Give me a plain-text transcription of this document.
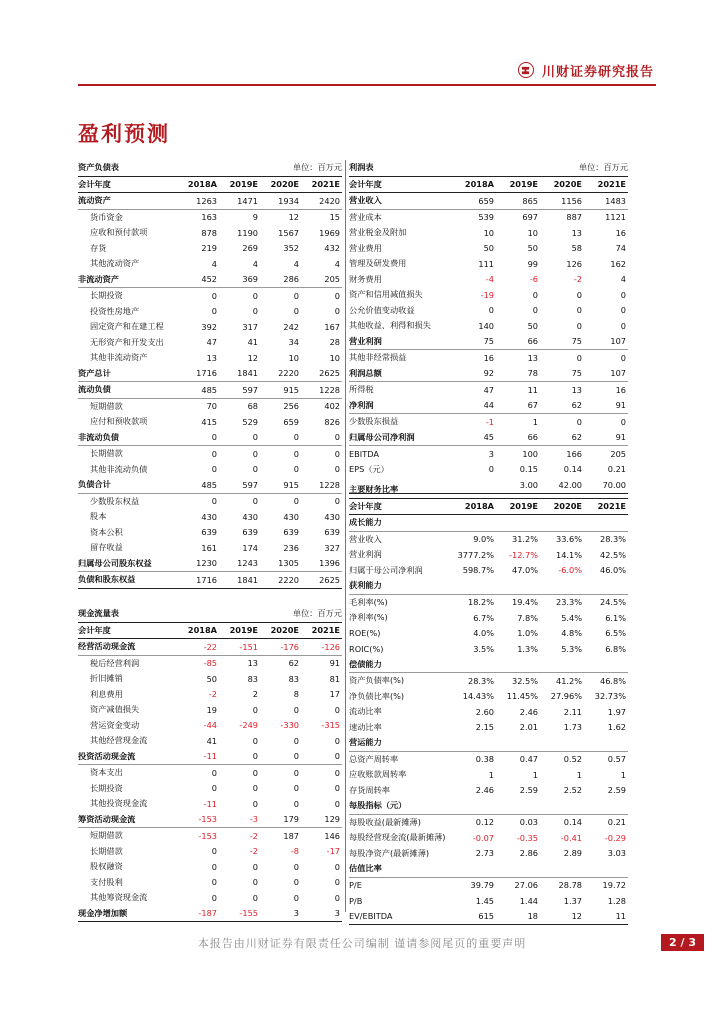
川财证券研究报告
盈利预测
资产负债表	单位：百万元			
会计年度	2018A	2019E	2020E	2021E
流动资产	1263	1471	1934	2420
货币资金	163	9	12	15
应收和预付款项	878	1190	1567	1969
存货	219	269	352	432
其他流动资产	4	4	4	4
非流动资产	452	369	286	205
长期投资	0	0	0	0
投资性房地产	0	0	0	0
固定资产和在建工程	392	317	242	167
无形资产和开发支出	47	41	34	28
其他非流动资产	13	12	10	10
资产总计	1716	1841	2220	2625
流动负债	485	597	915	1228
短期借款	70	68	256	402
应付和预收款项	415	529	659	826
非流动负债	0	0	0	0
长期借款	0	0	0	0
其他非流动负债	0	0	0	0
负债合计	485	597	915	1228
少数股东权益	0	0	0	0
股本	430	430	430	430
资本公积	639	639	639	639
留存收益	161	174	236	327
归属母公司股东权益	1230	1243	1305	1396
负债和股东权益	1716	1841	2220	2625
现金流量表	单位：百万元			
会计年度	2018A	2019E	2020E	2021E
经营活动现金流	-22	-151	-176	-126
税后经营利润	-85	13	62	91
折旧摊销	50	83	83	81
利息费用	-2	2	8	17
资产减值损失	19	0	0	0
营运资金变动	-44	-249	-330	-315
其他经营现金流	41	0	0	0
投资活动现金流	-11	0	0	0
资本支出	0	0	0	0
长期投资	0	0	0	0
其他投资现金流	-11	0	0	0
筹资活动现金流	-153	-3	179	129
短期借款	-153	-2	187	146
长期借款	0	-2	-8	-17
股权融资	0	0	0	0
支付股利	0	0	0	0
其他筹资现金流	0	0	0	0
现金净增加额	-187	-155	3	3
利润表	单位：百万元			
会计年度	2018A	2019E	2020E	2021E
营业收入	659	865	1156	1483
营业成本	539	697	887	1121
营业税金及附加	10	10	13	16
营业费用	50	50	58	74
管理及研发费用	111	99	126	162
财务费用	-4	-6	-2	4
资产和信用减值损失	-19	0	0	0
公允价值变动收益	0	0	0	0
其他收益、利得和损失	140	50	0	0
营业利润	75	66	75	107
其他非经常损益	16	13	0	0
利润总额	92	78	75	107
所得税	47	11	13	16
净利润	44	67	62	91
少数股东损益	-1	1	0	0
归属母公司净利润	45	66	62	91
EBITDA	3	100	166	205
EPS（元）	0	0.15	0.14	0.21
		3.00	42.00	70.00
主要财务比率				
会计年度	2018A	2019E	2020E	2021E
成长能力				
营业收入	9.0%	31.2%	33.6%	28.3%
营业利润	3777.2%	-12.7%	14.1%	42.5%
归属于母公司净利润	598.7%	47.0%	-6.0%	46.0%
获利能力				
毛利率(%)	18.2%	19.4%	23.3%	24.5%
净利率(%)	6.7%	7.8%	5.4%	6.1%
ROE(%)	4.0%	1.0%	4.8%	6.5%
ROIC(%)	3.5%	1.3%	5.3%	6.8%
偿债能力				
资产负债率(%)	28.3%	32.5%	41.2%	46.8%
净负债比率(%)	14.43%	11.45%	27.96%	32.73%
流动比率	2.60	2.46	2.11	1.97
速动比率	2.15	2.01	1.73	1.62
营运能力				
总资产周转率	0.38	0.47	0.52	0.57
应收账款周转率	1	1	1	1
存货周转率	2.46	2.59	2.52	2.59
每股指标（元）				
每股收益(最新摊薄)	0.12	0.03	0.14	0.21
每股经营现金流(最新摊薄)	-0.07	-0.35	-0.41	-0.29
每股净资产(最新摊薄)	2.73	2.86	2.89	3.03
估值比率				
P/E	39.79	27.06	28.78	19.72
P/B	1.45	1.44	1.37	1.28
EV/EBITDA	615	18	12	11
本报告由川财证券有限责任公司编制 谨请参阅尾页的重要声明	2 / 3
